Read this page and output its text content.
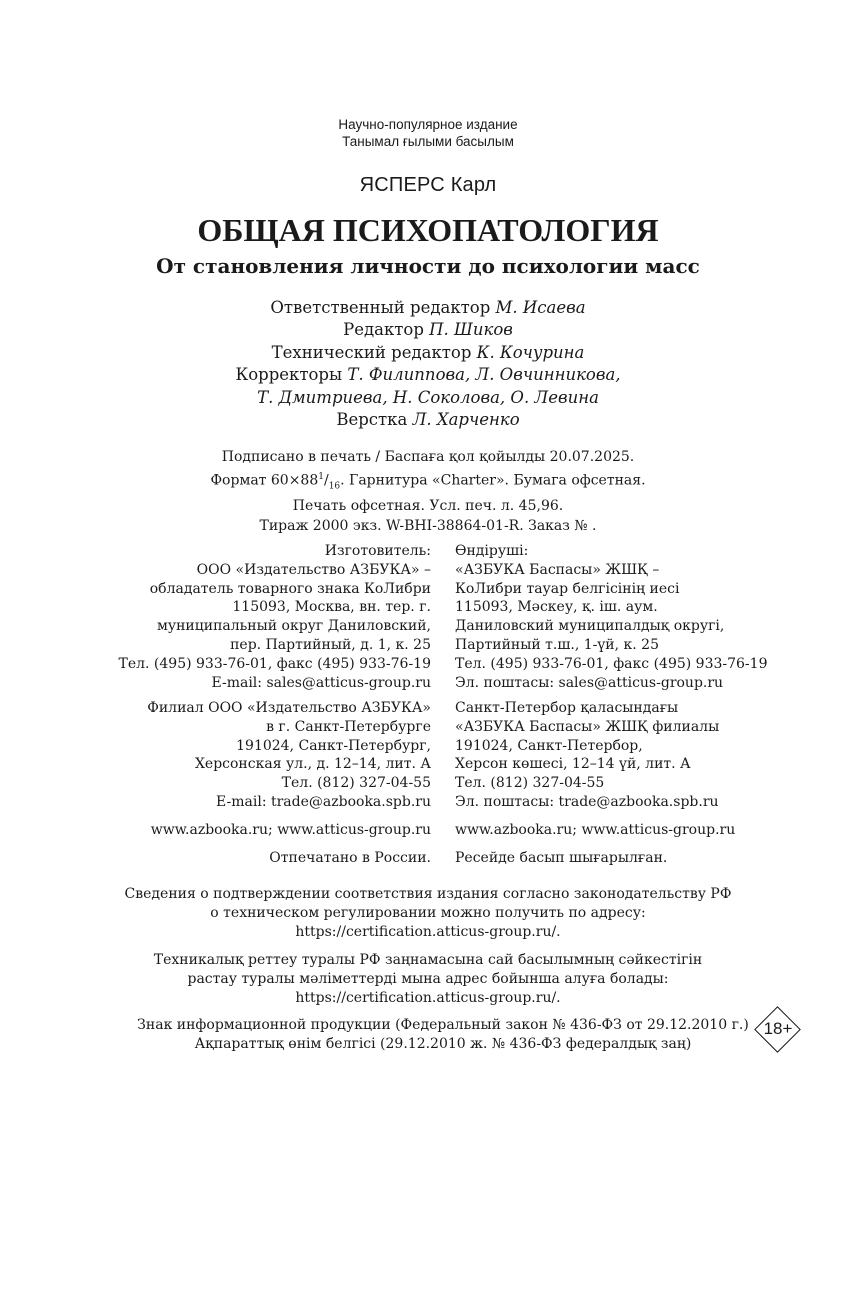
Научно-популярное издание
Танымал ғылыми басылым
ЯСПЕРС Карл
ОБЩАЯ ПСИХОПАТОЛОГИЯ
От становления личности до психологии масс
Ответственный редактор М. Исаева
Редактор П. Шиков
Технический редактор К. Кочурина
Корректоры Т. Филиппова, Л. Овчинникова,
Т. Дмитриева, Н. Соколова, О. Левина
Верстка Л. Харченко
Подписано в печать / Баспаға қол қойылды 20.07.2025.
Формат $60\times 88^1/_{16}$. Гарнитура «Charter». Бумага офсетная.
Печать офсетная. Усл. печ. л. 45,96.
Тираж 2000 экз. W-BHI-38864-01-R. Заказ № .
Изготовитель:
ООО «Издательство АЗБУКА» –
обладатель товарного знака КоЛибри
115093, Москва, вн. тер. г.
муниципальный округ Даниловский,
пер. Партийный, д. 1, к. 25
Тел. (495) 933-76-01, факс (495) 933-76-19
E-mail: sales@atticus-group.ru
Өндіруші:
«АЗБУКА Баспасы» ЖШҚ –
КоЛибри тауар белгісінің иесі
115093, Мәскеу, қ. іш. аум.
Даниловский муниципалдық округі,
Партийный т.ш., 1-үй, к. 25
Тел. (495) 933-76-01, факс (495) 933-76-19
Эл. поштасы: sales@atticus-group.ru
Филиал ООО «Издательство АЗБУКА»
в г. Санкт-Петербурге
191024, Санкт-Петербург,
Херсонская ул., д. 12–14, лит. А
Тел. (812) 327-04-55
E-mail: trade@azbooka.spb.ru
Санкт-Петербор қаласындағы
«АЗБУКА Баспасы» ЖШҚ филиалы
191024, Санкт-Петербор,
Херсон көшесі, 12–14 үй, лит. А
Тел. (812) 327-04-55
Эл. поштасы: trade@azbooka.spb.ru
www.azbooka.ru; www.atticus-group.ru www.azbooka.ru; www.atticus-group.ru
Отпечатано в России. Ресейде басып шығарылған.
Сведения о подтверждении соответствия издания согласно законодательству РФ
о техническом регулировании можно получить по адресу:
https://certification.atticus-group.ru/.
Техникалық реттеу туралы РФ заңнамасына сай басылымның сәйкестігін
растау туралы мәліметтерді мына адрес бойынша алуға болады:
https://certification.atticus-group.ru/.
Знак информационной продукции (Федеральный закон № 436-ФЗ от 29.12.2010 г.)
Ақпараттық өнім белгісі (29.12.2010 ж. № 436-ФЗ федералдық заң)
18+
